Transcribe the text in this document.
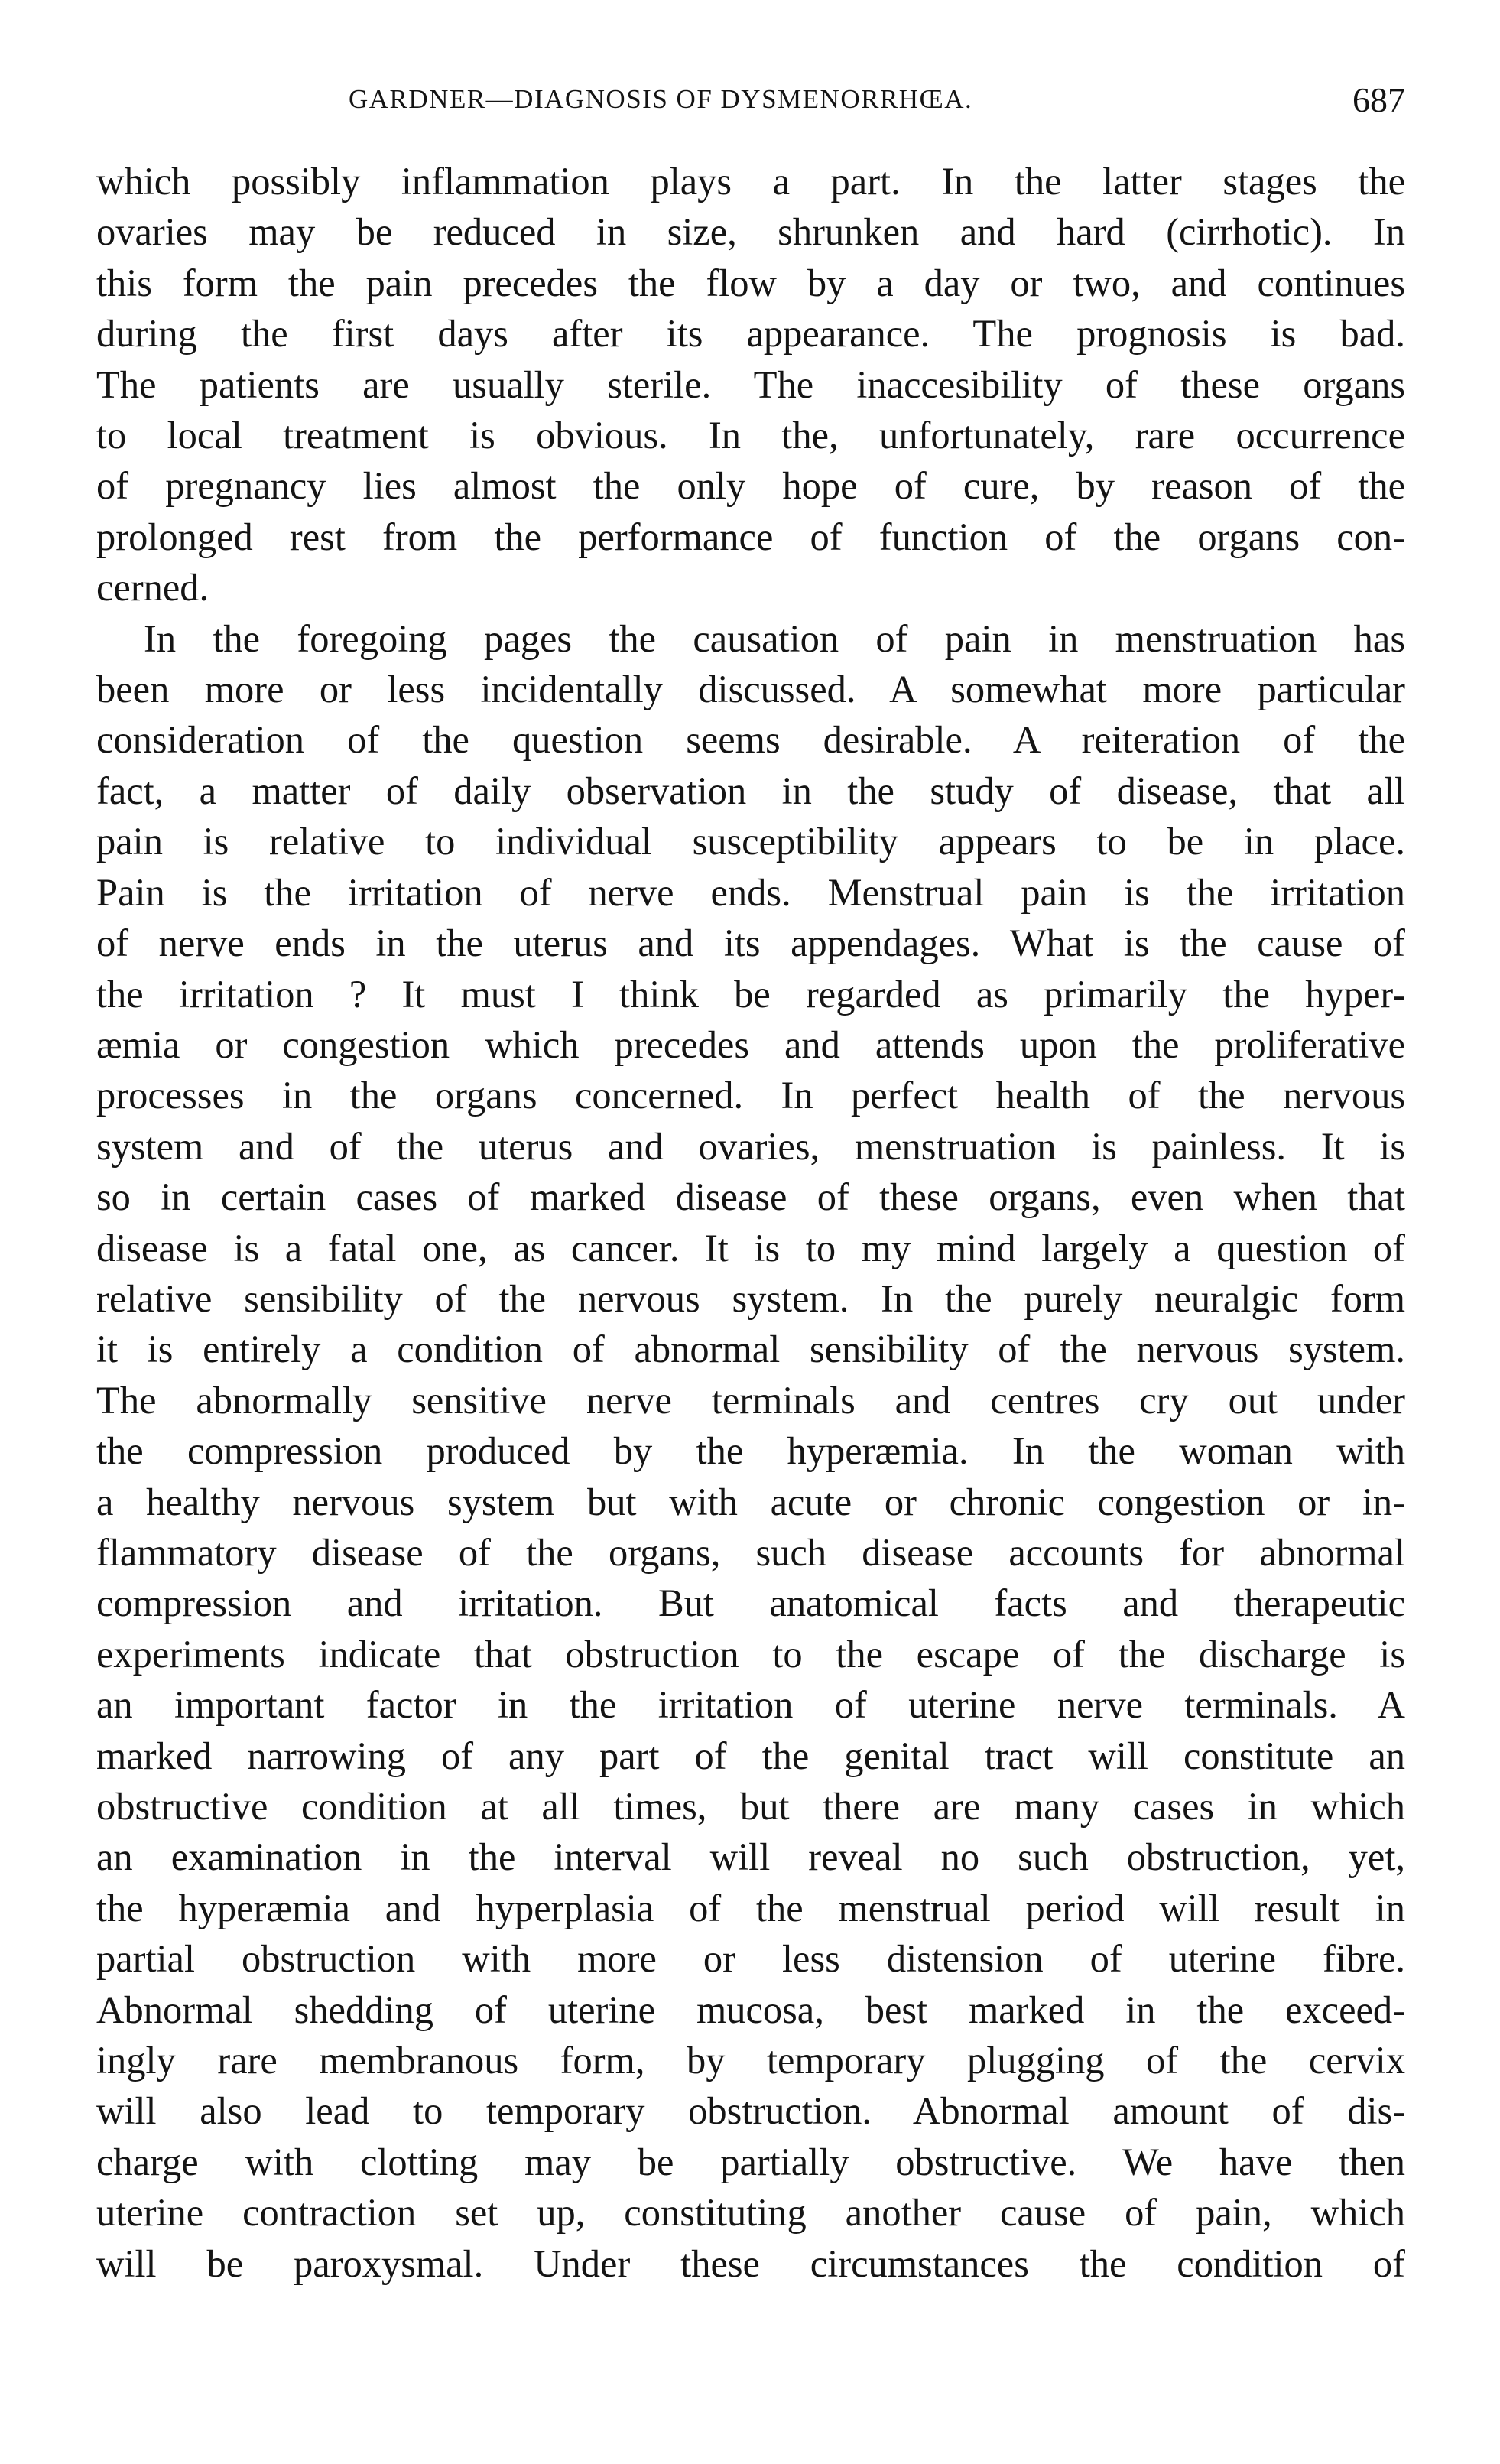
GARDNER—DIAGNOSIS OF DYSMENORRHŒA.	687

which possibly inflammation plays a part. In the latter stages the
ovaries may be reduced in size, shrunken and hard (cirrhotic). In
this form the pain precedes the flow by a day or two, and continues
during the first days after its appearance. The prognosis is bad.
The patients are usually sterile. The inaccesibility of these organs
to local treatment is obvious. In the, unfortunately, rare occurrence
of pregnancy lies almost the only hope of cure, by reason of the
prolonged rest from the performance of function of the organs con-
cerned.

In the foregoing pages the causation of pain in menstruation has
been more or less incidentally discussed. A somewhat more particular
consideration of the question seems desirable. A reiteration of the
fact, a matter of daily observation in the study of disease, that all
pain is relative to individual susceptibility appears to be in place.
Pain is the irritation of nerve ends. Menstrual pain is the irritation
of nerve ends in the uterus and its appendages. What is the cause of
the irritation ? It must I think be regarded as primarily the hyper-
æmia or congestion which precedes and attends upon the proliferative
processes in the organs concerned. In perfect health of the nervous
system and of the uterus and ovaries, menstruation is painless. It is
so in certain cases of marked disease of these organs, even when that
disease is a fatal one, as cancer. It is to my mind largely a question of
relative sensibility of the nervous system. In the purely neuralgic form
it is entirely a condition of abnormal sensibility of the nervous system.
The abnormally sensitive nerve terminals and centres cry out under
the compression produced by the hyperæmia. In the woman with
a healthy nervous system but with acute or chronic congestion or in-
flammatory disease of the organs, such disease accounts for abnormal
compression and irritation. But anatomical facts and therapeutic
experiments indicate that obstruction to the escape of the discharge is
an important factor in the irritation of uterine nerve terminals. A
marked narrowing of any part of the genital tract will constitute an
obstructive condition at all times, but there are many cases in which
an examination in the interval will reveal no such obstruction, yet,
the hyperæmia and hyperplasia of the menstrual period will result in
partial obstruction with more or less distension of uterine fibre.
Abnormal shedding of uterine mucosa, best marked in the exceed-
ingly rare membranous form, by temporary plugging of the cervix
will also lead to temporary obstruction. Abnormal amount of dis-
charge with clotting may be partially obstructive. We have then
uterine contraction set up, constituting another cause of pain, which
will be paroxysmal. Under these circumstances the condition of
